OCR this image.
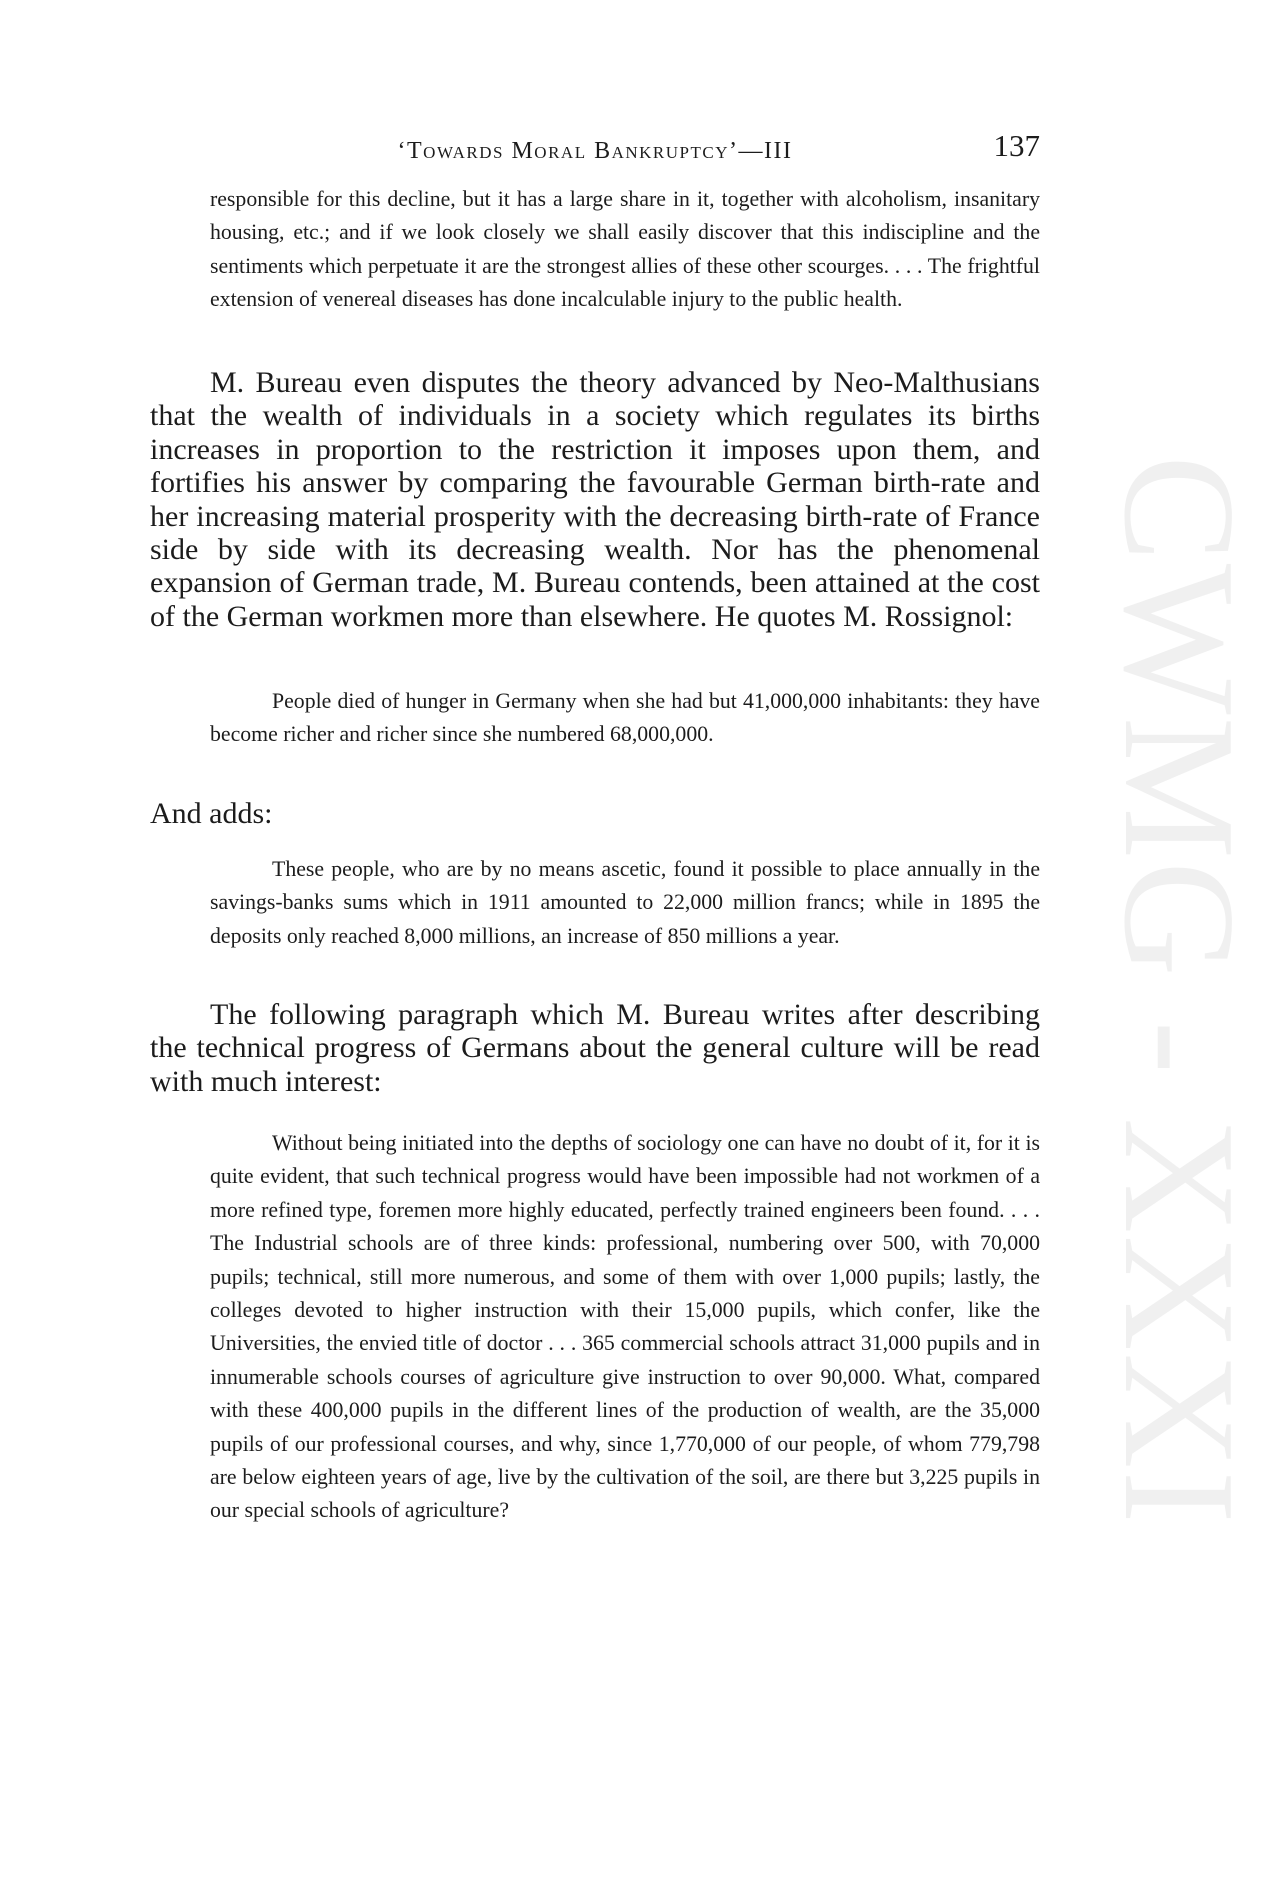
CWMG - XXXI
‘Towards Moral Bankruptcy’—III	137

responsible for this decline, but it has a large share in it, together with alcoholism, insanitary housing, etc.; and if we look closely we shall easily discover that this indiscipline and the sentiments which perpetuate it are the strongest allies of these other scourges. . . . The frightful extension of venereal diseases has done incalculable injury to the public health.

M. Bureau even disputes the theory advanced by Neo-Malthusians that the wealth of individuals in a society which regulates its births increases in proportion to the restriction it imposes upon them, and fortifies his answer by comparing the favourable German birth-rate and her increasing material prosperity with the decreasing birth-rate of France side by side with its decreasing wealth. Nor has the phenomenal expansion of German trade, M. Bureau contends, been attained at the cost of the German workmen more than elsewhere. He quotes M. Rossignol:

People died of hunger in Germany when she had but 41,000,000 inhabitants: they have become richer and richer since she numbered 68,000,000.

And adds:

These people, who are by no means ascetic, found it possible to place annually in the savings-banks sums which in 1911 amounted to 22,000 million francs; while in 1895 the deposits only reached 8,000 millions, an increase of 850 millions a year.

The following paragraph which M. Bureau writes after describing the technical progress of Germans about the general culture will be read with much interest:

Without being initiated into the depths of sociology one can have no doubt of it, for it is quite evident, that such technical progress would have been impossible had not workmen of a more refined type, foremen more highly educated, perfectly trained engineers been found. . . . The Industrial schools are of three kinds: professional, numbering over 500, with 70,000 pupils; technical, still more numerous, and some of them with over 1,000 pupils; lastly, the colleges devoted to higher instruction with their 15,000 pupils, which confer, like the Universities, the envied title of doctor . . . 365 commercial schools attract 31,000 pupils and in innumerable schools courses of agriculture give instruction to over 90,000. What, compared with these 400,000 pupils in the different lines of the production of wealth, are the 35,000 pupils of our professional courses, and why, since 1,770,000 of our people, of whom 779,798 are below eighteen years of age, live by the cultivation of the soil, are there but 3,225 pupils in our special schools of agriculture?
